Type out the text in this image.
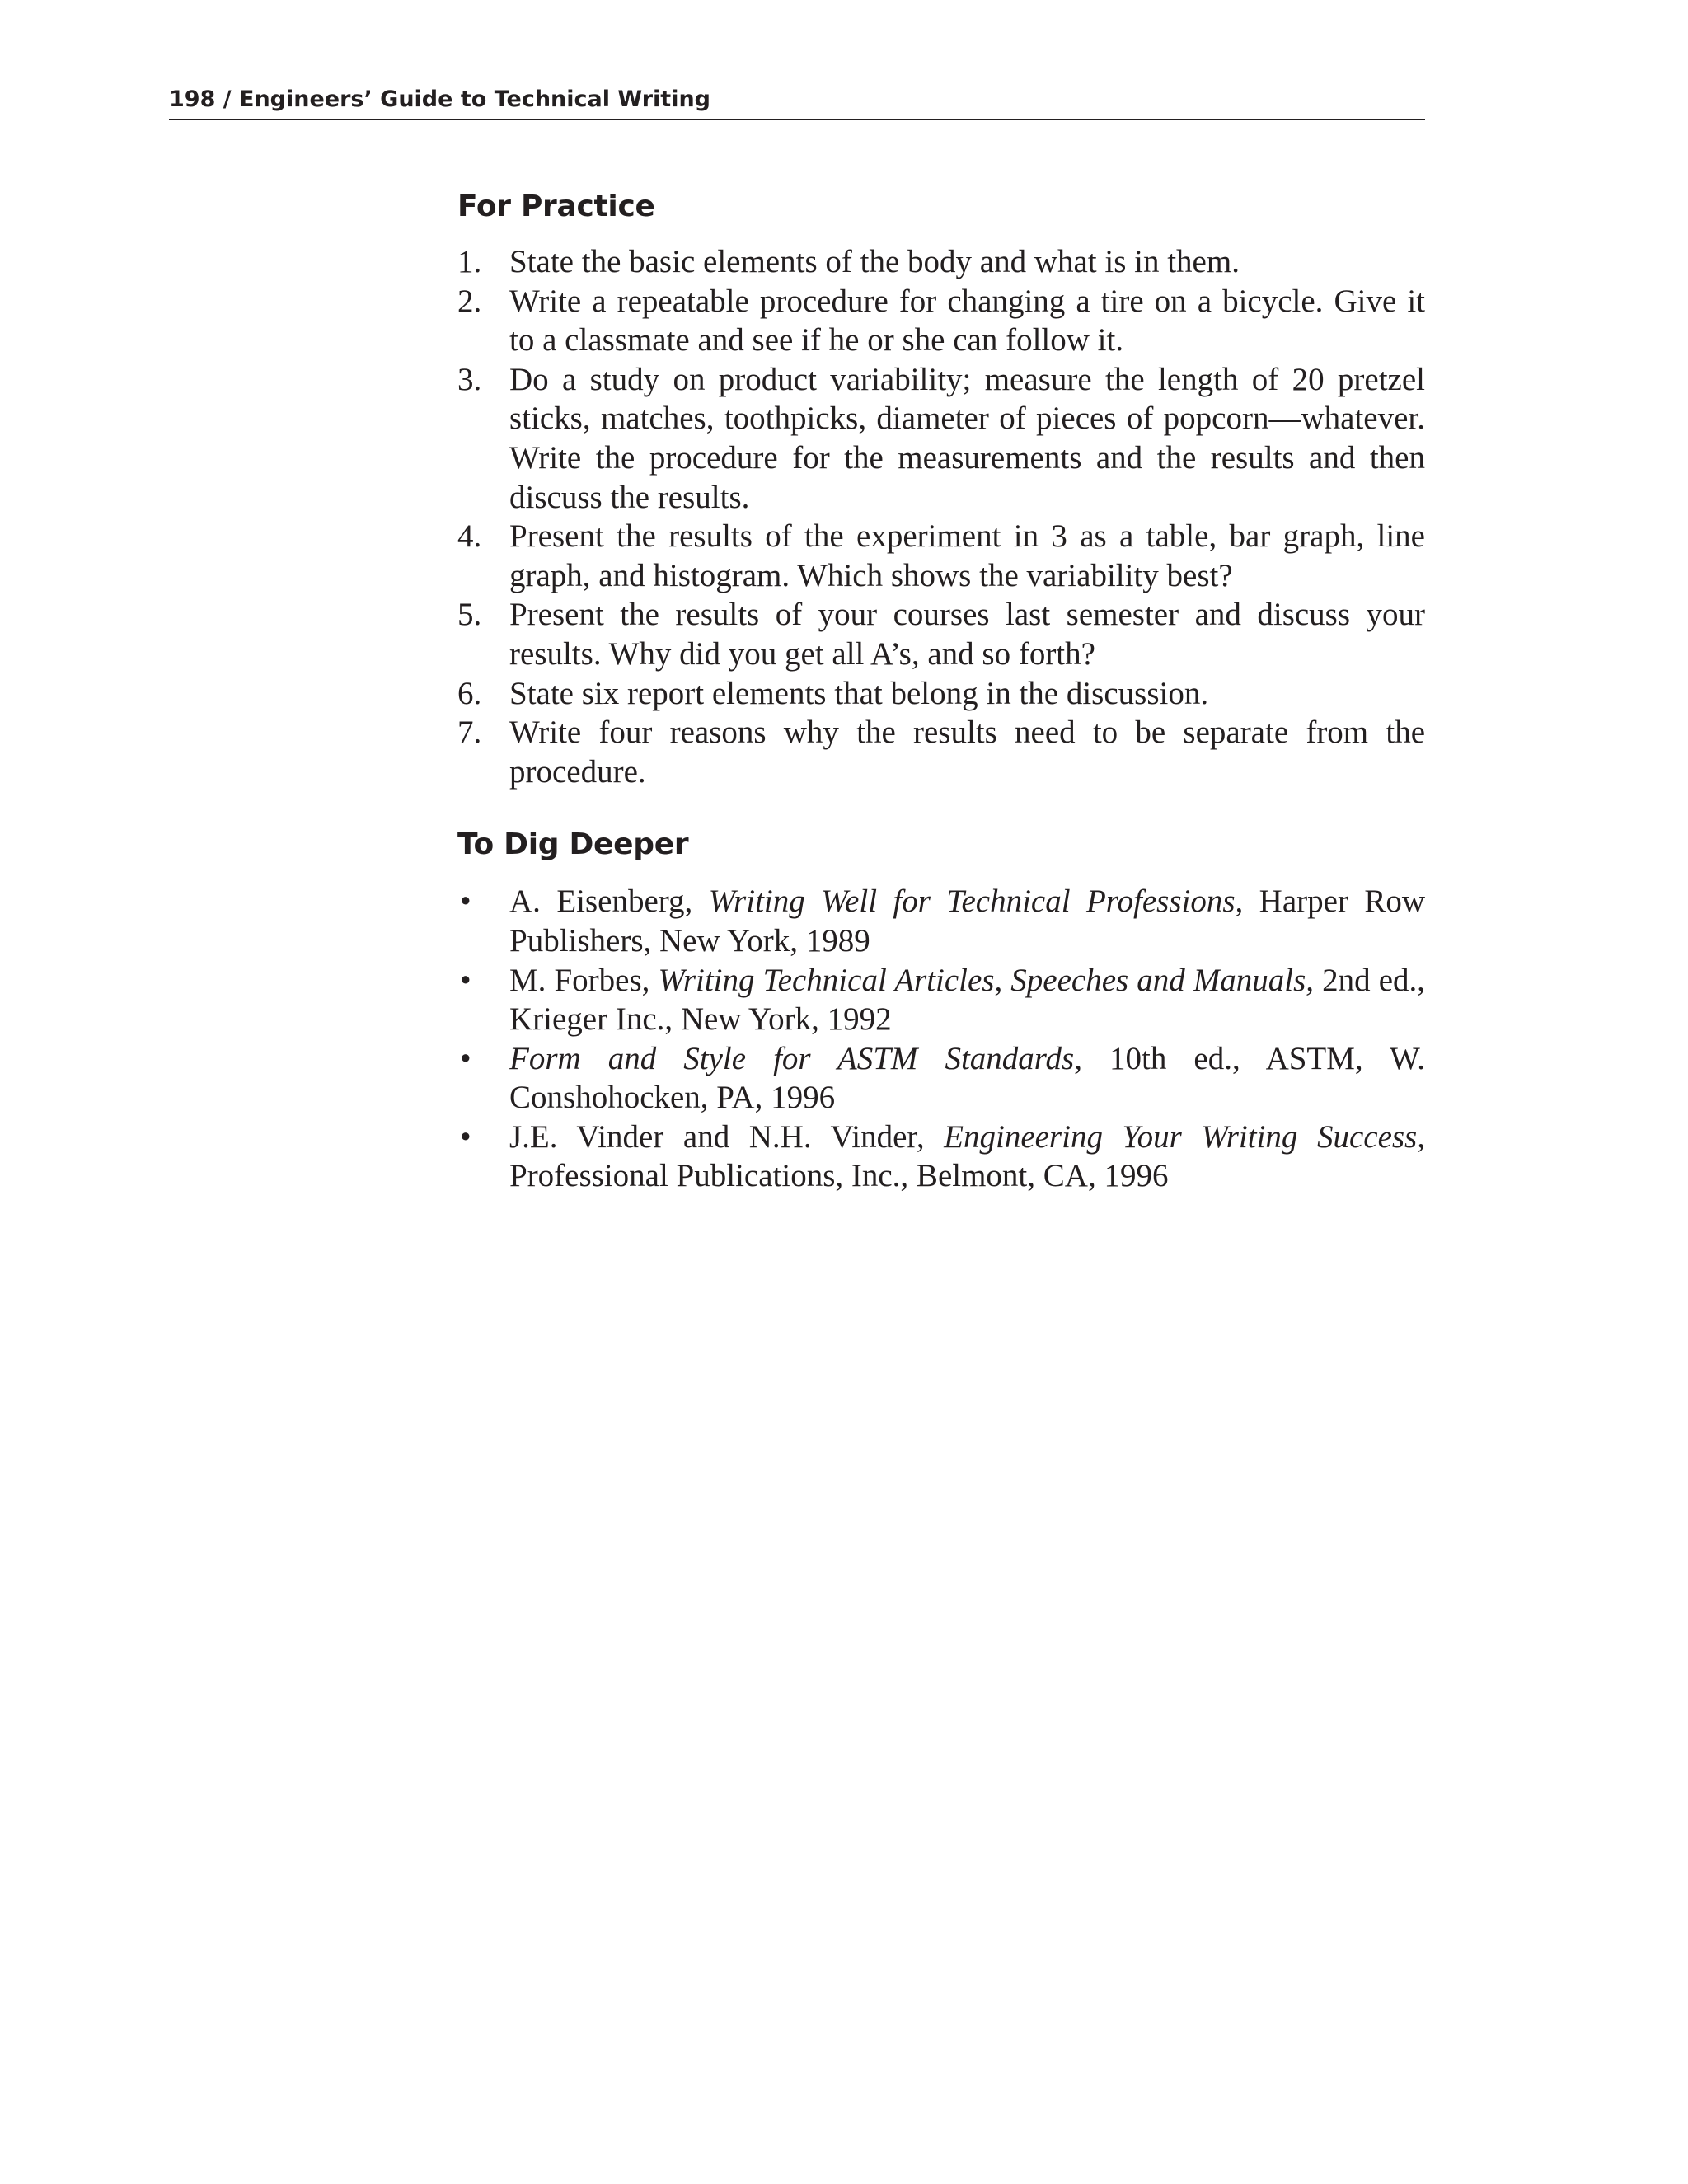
198 / Engineers’ Guide to Technical Writing
For Practice
1. State the basic elements of the body and what is in them.
2. Write a repeatable procedure for changing a tire on a bicycle. Give it to a classmate and see if he or she can follow it.
3. Do a study on product variability; measure the length of 20 pretzel sticks, matches, toothpicks, diameter of pieces of popcorn—whatever. Write the procedure for the measurements and the results and then discuss the results.
4. Present the results of the experiment in 3 as a table, bar graph, line graph, and histogram. Which shows the variability best?
5. Present the results of your courses last semester and discuss your results. Why did you get all A’s, and so forth?
6. State six report elements that belong in the discussion.
7. Write four reasons why the results need to be separate from the procedure.
To Dig Deeper
• A. Eisenberg, Writing Well for Technical Professions, Harper Row Publishers, New York, 1989
• M. Forbes, Writing Technical Articles, Speeches and Manuals, 2nd ed., Krieger Inc., New York, 1992
• Form and Style for ASTM Standards, 10th ed., ASTM, W. Conshohocken, PA, 1996
• J.E. Vinder and N.H. Vinder, Engineering Your Writing Success, Professional Publications, Inc., Belmont, CA, 1996
